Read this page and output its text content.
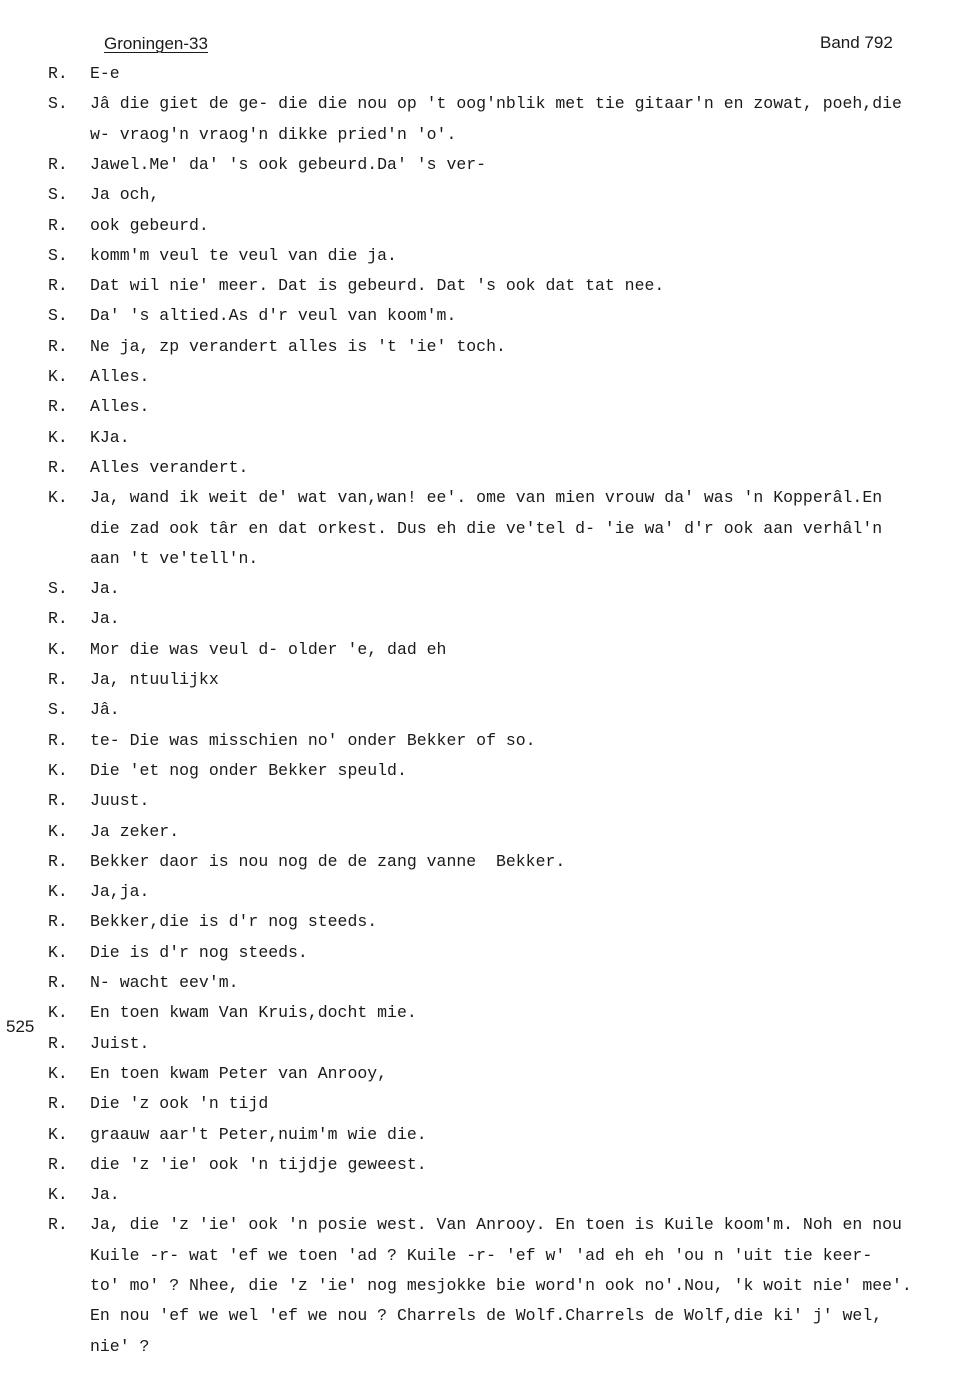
Groningen-33	Band 792
525
R.	E-e
S.	Jâ die giet de ge- die die nou op 't oog'nblik met tie gitaar'n en zowat, poeh,die
w- vraog'n vraog'n dikke pried'n 'o'.
R.	Jawel.Me' da' 's ook gebeurd.Da' 's ver-
S.	Ja och,
R.	ook gebeurd.
S.	komm'm veul te veul van die ja.
R.	Dat wil nie' meer. Dat is gebeurd. Dat 's ook dat tat nee.
S.	Da' 's altied.As d'r veul van koom'm.
R.	Ne ja, zp verandert alles is 't 'ie' toch.
K.	Alles.
R.	Alles.
K.	KJa.
R.	Alles verandert.
K.	Ja, wand ik weit de' wat van,wan! ee'. ome van mien vrouw da' was 'n Kopperâl.En
die zad ook târ en dat orkest. Dus eh die ve'tel d- 'ie wa' d'r ook aan verhâl'n
aan 't ve'tell'n.
S.	Ja.
R.	Ja.
K.	Mor die was veul d- older 'e, dad eh
R.	Ja, ntuulijkx
S.	Jâ.
R.	te- Die was misschien no' onder Bekker of so.
K.	Die 'et nog onder Bekker speuld.
R.	Juust.
K.	Ja zeker.
R.	Bekker daor is nou nog de de zang vanne  Bekker.
K.	Ja,ja.
R.	Bekker,die is d'r nog steeds.
K.	Die is d'r nog steeds.
R.	N- wacht eev'm.
K.	En toen kwam Van Kruis,docht mie.
R.	Juist.
K.	En toen kwam Peter van Anrooy,
R.	Die 'z ook 'n tijd
K.	graauw aar't Peter,nuim'm wie die.
R.	die 'z 'ie' ook 'n tijdje geweest.
K.	Ja.
R.	Ja, die 'z 'ie' ook 'n posie west. Van Anrooy. En toen is Kuile koom'm. Noh en nou
Kuile -r- wat 'ef we toen 'ad ? Kuile -r- 'ef w' 'ad eh eh 'ou n 'uit tie keer-
to' mo' ? Nhee, die 'z 'ie' nog mesjokke bie word'n ook no'.Nou, 'k woit nie' mee'.
En nou 'ef we wel 'ef we nou ? Charrels de Wolf.Charrels de Wolf,die ki' j' wel,
nie' ?
